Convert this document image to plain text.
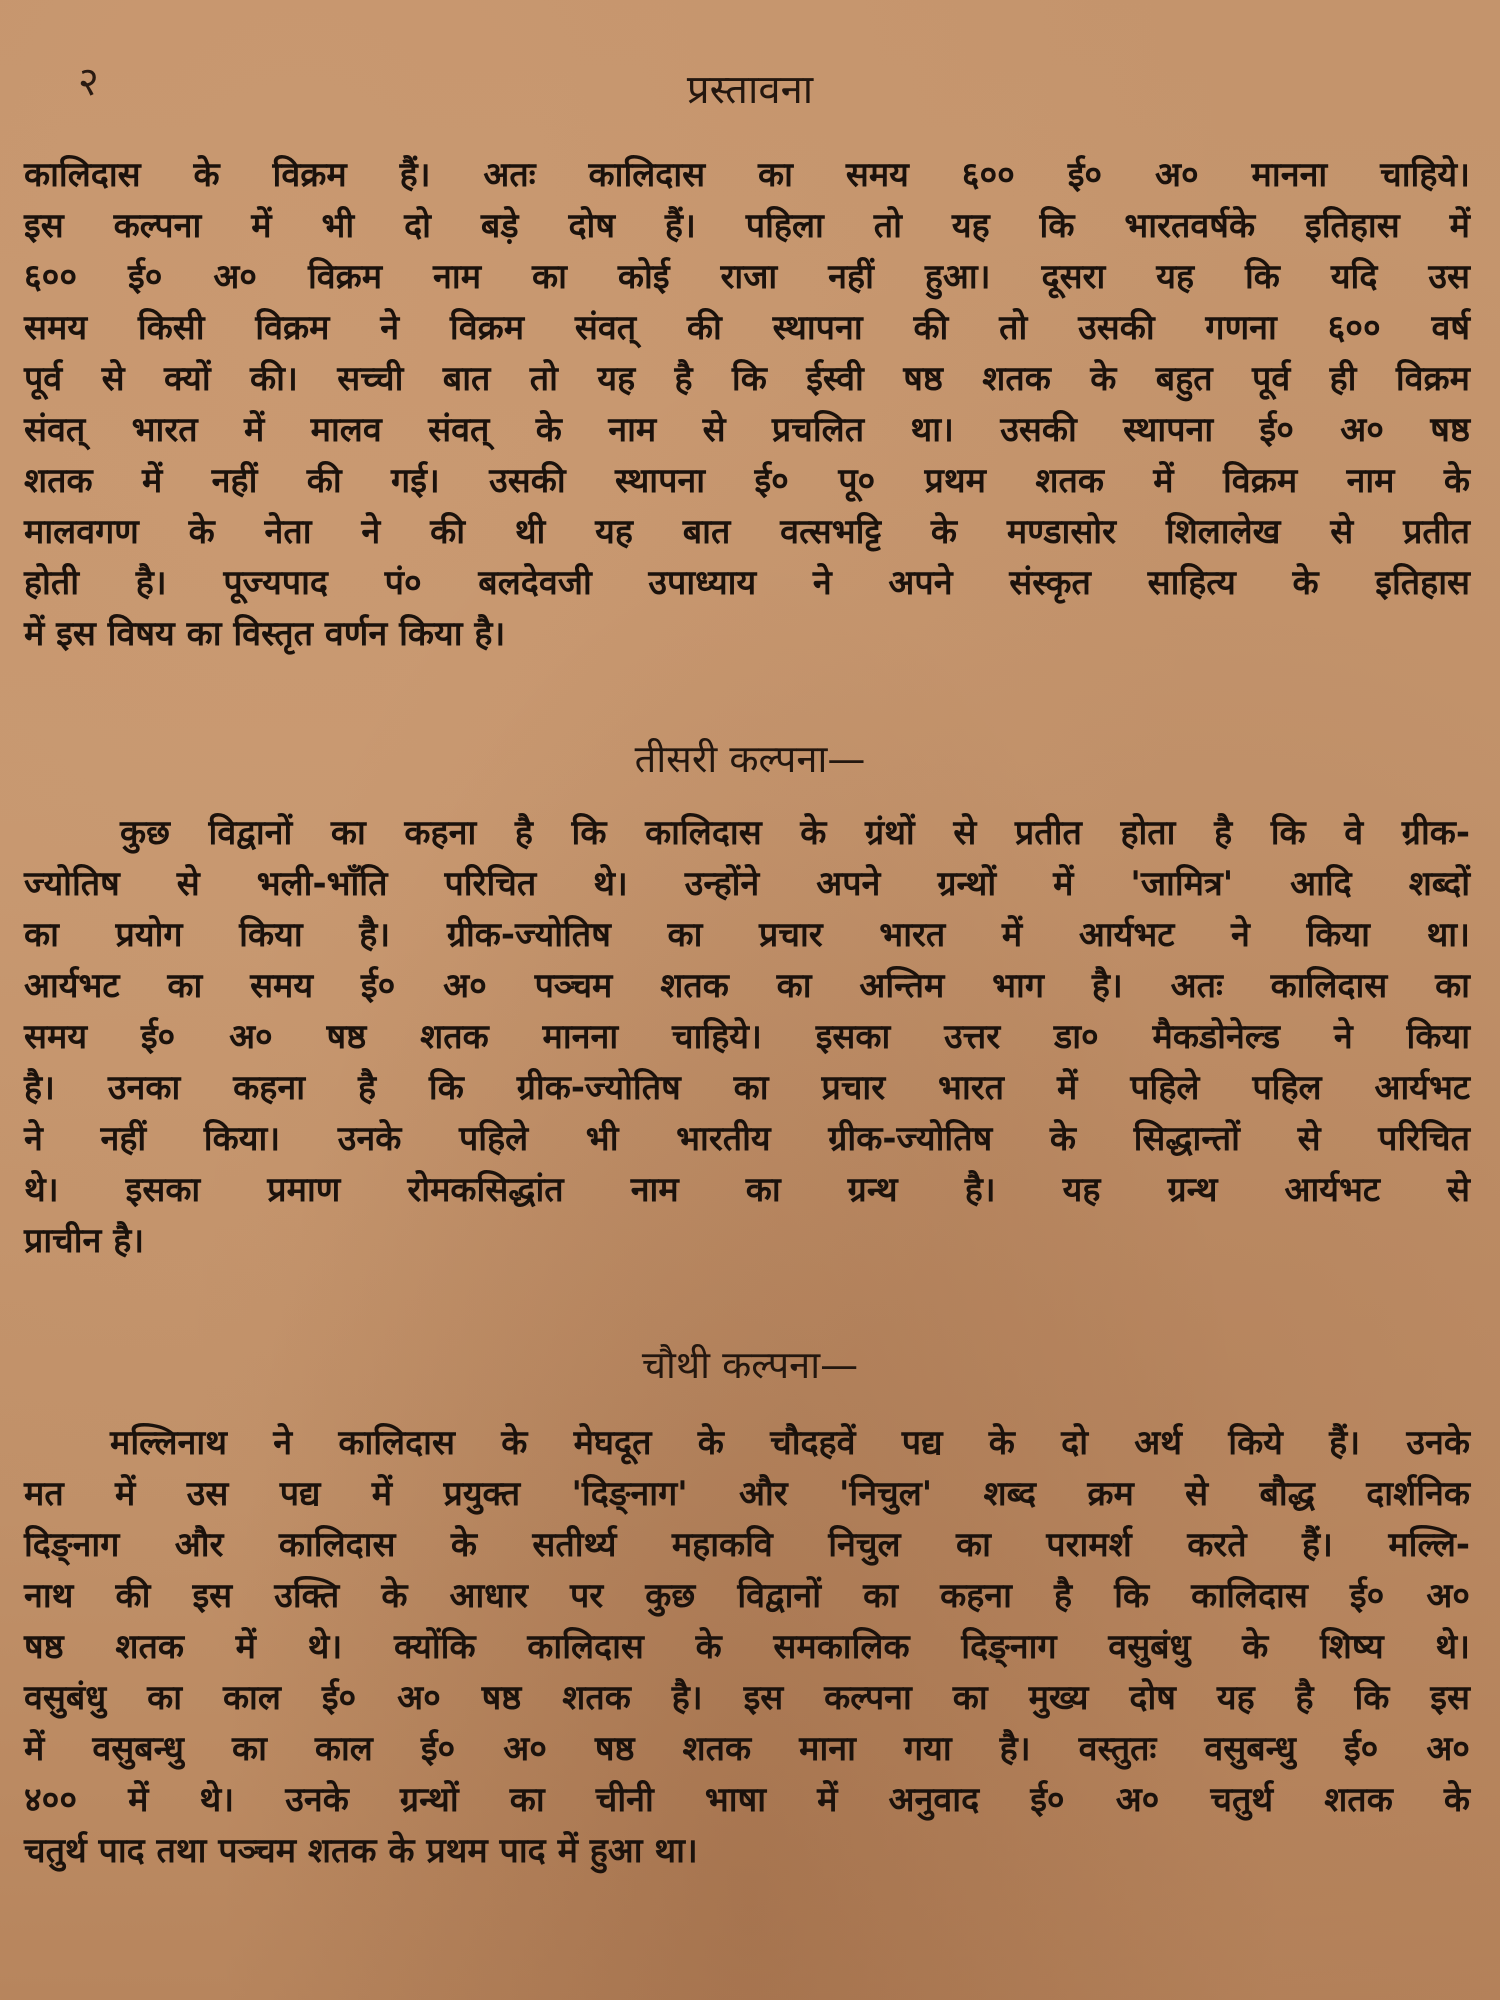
२	प्रस्तावना
कालिदास के विक्रम हैं। अतः कालिदास का समय ६०० ई० अ० मानना चाहिये।
इस कल्पना में भी दो बड़े दोष हैं। पहिला तो यह कि भारतवर्षके इतिहास में
६०० ई० अ० विक्रम नाम का कोई राजा नहीं हुआ। दूसरा यह कि यदि उस
समय किसी विक्रम ने विक्रम संवत् की स्थापना की तो उसकी गणना ६०० वर्ष
पूर्व से क्यों की। सच्ची बात तो यह है कि ईस्वी षष्ठ शतक के बहुत पूर्व ही विक्रम
संवत् भारत में मालव संवत् के नाम से प्रचलित था। उसकी स्थापना ई० अ० षष्ठ
शतक में नहीं की गई। उसकी स्थापना ई० पू० प्रथम शतक में विक्रम नाम के
मालवगण के नेता ने की थी यह बात वत्सभट्टि के मण्डासोर शिलालेख से प्रतीत
होती है। पूज्यपाद पं० बलदेवजी उपाध्याय ने अपने संस्कृत साहित्य के इतिहास
में इस विषय का विस्तृत वर्णन किया है।
तीसरी कल्पना—
कुछ विद्वानों का कहना है कि कालिदास के ग्रंथों से प्रतीत होता है कि वे ग्रीक-
ज्योतिष से भली-भाँति परिचित थे। उन्होंने अपने ग्रन्थों में 'जामित्र' आदि शब्दों
का प्रयोग किया है। ग्रीक-ज्योतिष का प्रचार भारत में आर्यभट ने किया था।
आर्यभट का समय ई० अ० पञ्चम शतक का अन्तिम भाग है। अतः कालिदास का
समय ई० अ० षष्ठ शतक मानना चाहिये। इसका उत्तर डा० मैकडोनेल्ड ने किया
है। उनका कहना है कि ग्रीक-ज्योतिष का प्रचार भारत में पहिले पहिल आर्यभट
ने नहीं किया। उनके पहिले भी भारतीय ग्रीक-ज्योतिष के सिद्धान्तों से परिचित
थे। इसका प्रमाण रोमकसिद्धांत नाम का ग्रन्थ है। यह ग्रन्थ आर्यभट से
प्राचीन है।
चौथी कल्पना—
मल्लिनाथ ने कालिदास के मेघदूत के चौदहवें पद्य के दो अर्थ किये हैं। उनके
मत में उस पद्य में प्रयुक्त 'दिङ्नाग' और 'निचुल' शब्द क्रम से बौद्ध दार्शनिक
दिङ्नाग और कालिदास के सतीर्थ्य महाकवि निचुल का परामर्श करते हैं। मल्लि-
नाथ की इस उक्ति के आधार पर कुछ विद्वानों का कहना है कि कालिदास ई० अ०
षष्ठ शतक में थे। क्योंकि कालिदास के समकालिक दिङ्नाग वसुबंधु के शिष्य थे।
वसुबंधु का काल ई० अ० षष्ठ शतक है। इस कल्पना का मुख्य दोष यह है कि इस
में वसुबन्धु का काल ई० अ० षष्ठ शतक माना गया है। वस्तुतः वसुबन्धु ई० अ०
४०० में थे। उनके ग्रन्थों का चीनी भाषा में अनुवाद ई० अ० चतुर्थ शतक के
चतुर्थ पाद तथा पञ्चम शतक के प्रथम पाद में हुआ था।
